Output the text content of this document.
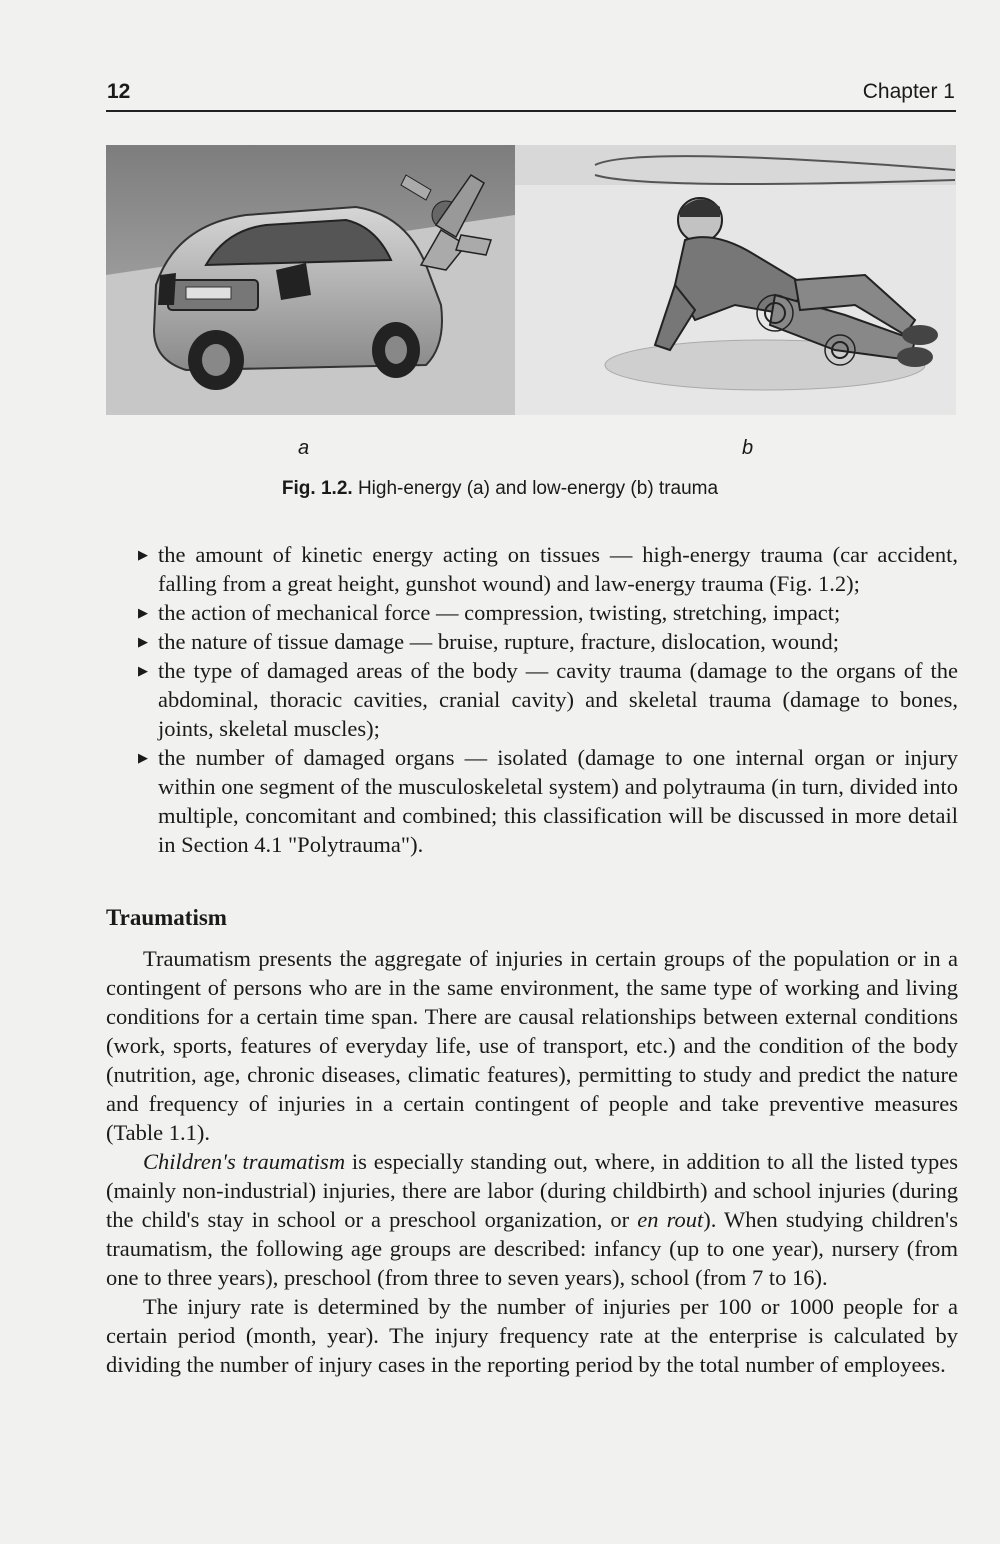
12	Chapter 1
a	b
Fig. 1.2. High-energy (a) and low-energy (b) trauma
▶ the amount of kinetic energy acting on tissues — high-energy trauma (car accident, falling from a great height, gunshot wound) and law-energy trauma (Fig. 1.2);
▶ the action of mechanical force — compression, twisting, stretching, impact;
▶ the nature of tissue damage — bruise, rupture, fracture, dislocation, wound;
▶ the type of damaged areas of the body — cavity trauma (damage to the organs of the abdominal, thoracic cavities, cranial cavity) and skeletal trauma (damage to bones, joints, skeletal muscles);
▶ the number of damaged organs — isolated (damage to one internal organ or injury within one segment of the musculoskeletal system) and polytrauma (in turn, divided into multiple, concomitant and combined; this classification will be discussed in more detail in Section 4.1 "Polytrauma").
Traumatism

Traumatism presents the aggregate of injuries in certain groups of the population or in a contingent of persons who are in the same environment, the same type of working and living conditions for a certain time span. There are causal relationships between external conditions (work, sports, features of everyday life, use of transport, etc.) and the condition of the body (nutrition, age, chronic diseases, climatic features), permitting to study and predict the nature and frequency of injuries in a certain contingent of people and take preventive measures (Table 1.1).

Children's traumatism is especially standing out, where, in addition to all the listed types (mainly non-industrial) injuries, there are labor (during childbirth) and school injuries (during the child's stay in school or a preschool organization, or en rout). When studying children's traumatism, the following age groups are described: infancy (up to one year), nursery (from one to three years), preschool (from three to seven years), school (from 7 to 16).

The injury rate is determined by the number of injuries per 100 or 1000 people for a certain period (month, year). The injury frequency rate at the enterprise is calculated by dividing the number of injury cases in the reporting period by the total number of employees.
